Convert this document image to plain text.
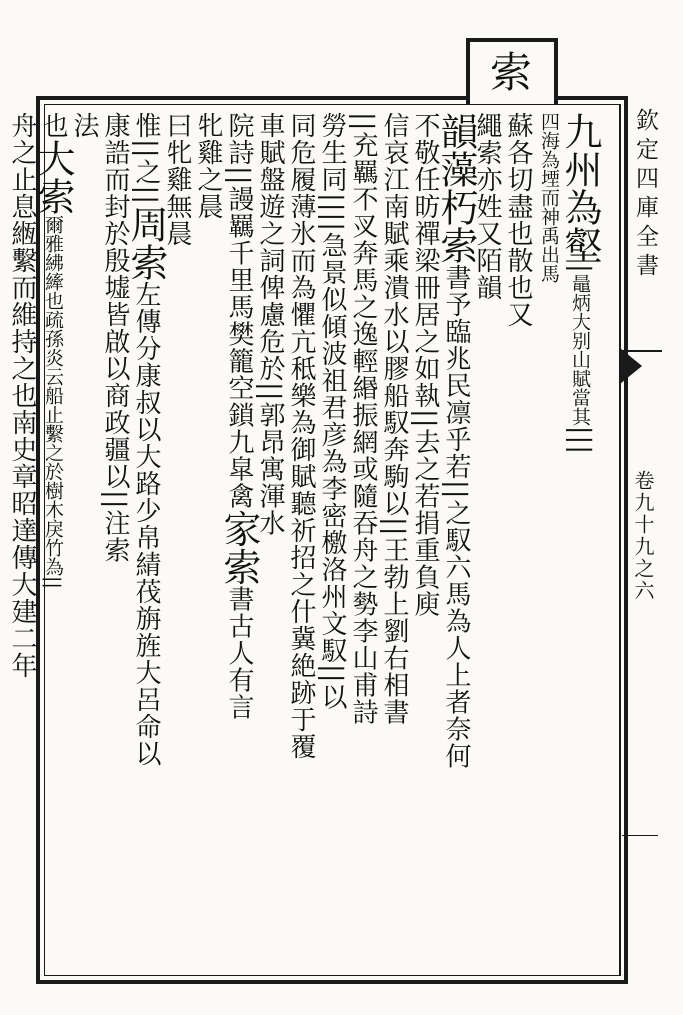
索
欽定四庫全書
卷九十九之六
九州為壑|鼂炳大别山賦當其|||
四海為堙而神禹出馬
蘇各切盡也散也又
繩索亦姓又陌韻
韻藻朽索書予臨兆民凛乎若||之馭六馬為人上者奈何
不敬任昉禪梁冊居之如執||去之若捐重負庾
信哀江南賦乘潰水以膠船馭奔駒以||王勃上劉右相書
||充羈不㕚奔馬之逸輕緡振網或隨吞舟之勢李山甫詩
勞生同||||急景似傾波祖君彦為李密檄洛州文馭||以
同危履薄氷而為懼亢秪樂為御賦聽祈招之什冀絶跡于覆
車賦盤遊之詞俾慮危於||郭昂寓渾水
院詩||謾羈千里馬樊籠空鎖九皐禽家索書古人有言
牝雞之晨
曰牝雞無晨
惟||之||周索左傳分康叔以大路少帛綪茷旃旌大呂命以
康誥而封於殷墟皆啟以商政疆以||注索
法
也大索爾雅紼縴也疏孫炎云船止繫之於樹木戾竹為||
舟之止息緪繫而維持之也南史章昭達傳大建二年
